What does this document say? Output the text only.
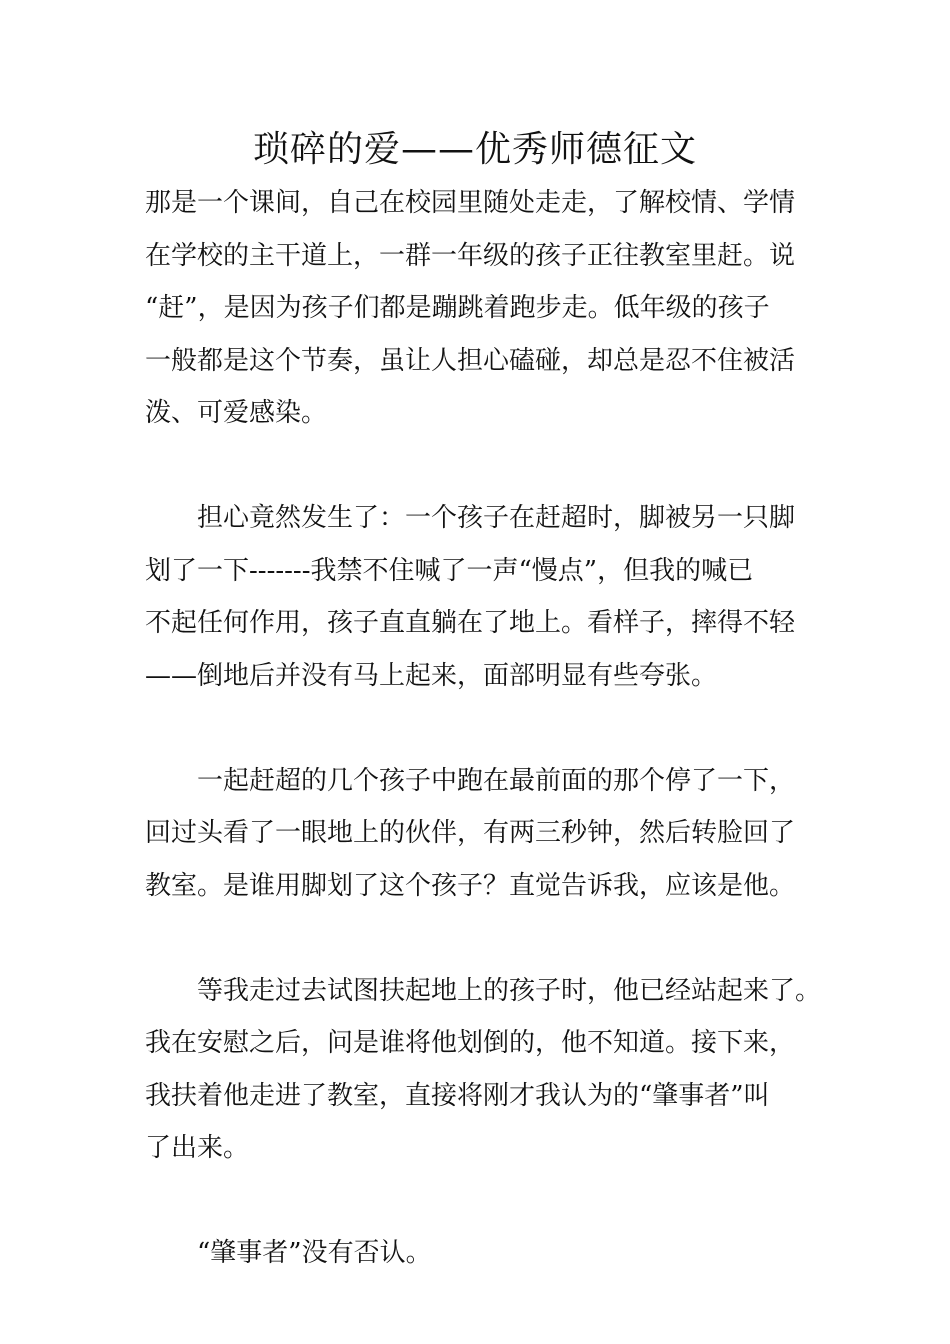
琐碎的爱——优秀师德征文
那是一个课间，自己在校园里随处走走，了解校情、学情
在学校的主干道上，一群一年级的孩子正往教室里赶。说
“赶”，是因为孩子们都是蹦跳着跑步走。低年级的孩子
一般都是这个节奏，虽让人担心磕碰，却总是忍不住被活
泼、可爱感染。
　　担心竟然发生了：一个孩子在赶超时，脚被另一只脚
划了一下-------我禁不住喊了一声“慢点”，但我的喊已
不起任何作用，孩子直直躺在了地上。看样子，摔得不轻
——倒地后并没有马上起来，面部明显有些夸张。
　　一起赶超的几个孩子中跑在最前面的那个停了一下，
回过头看了一眼地上的伙伴，有两三秒钟，然后转脸回了
教室。是谁用脚划了这个孩子？直觉告诉我，应该是他。
　　等我走过去试图扶起地上的孩子时，他已经站起来了。
我在安慰之后，问是谁将他划倒的，他不知道。接下来，
我扶着他走进了教室，直接将刚才我认为的“肇事者”叫
了出来。
　　“肇事者”没有否认。
